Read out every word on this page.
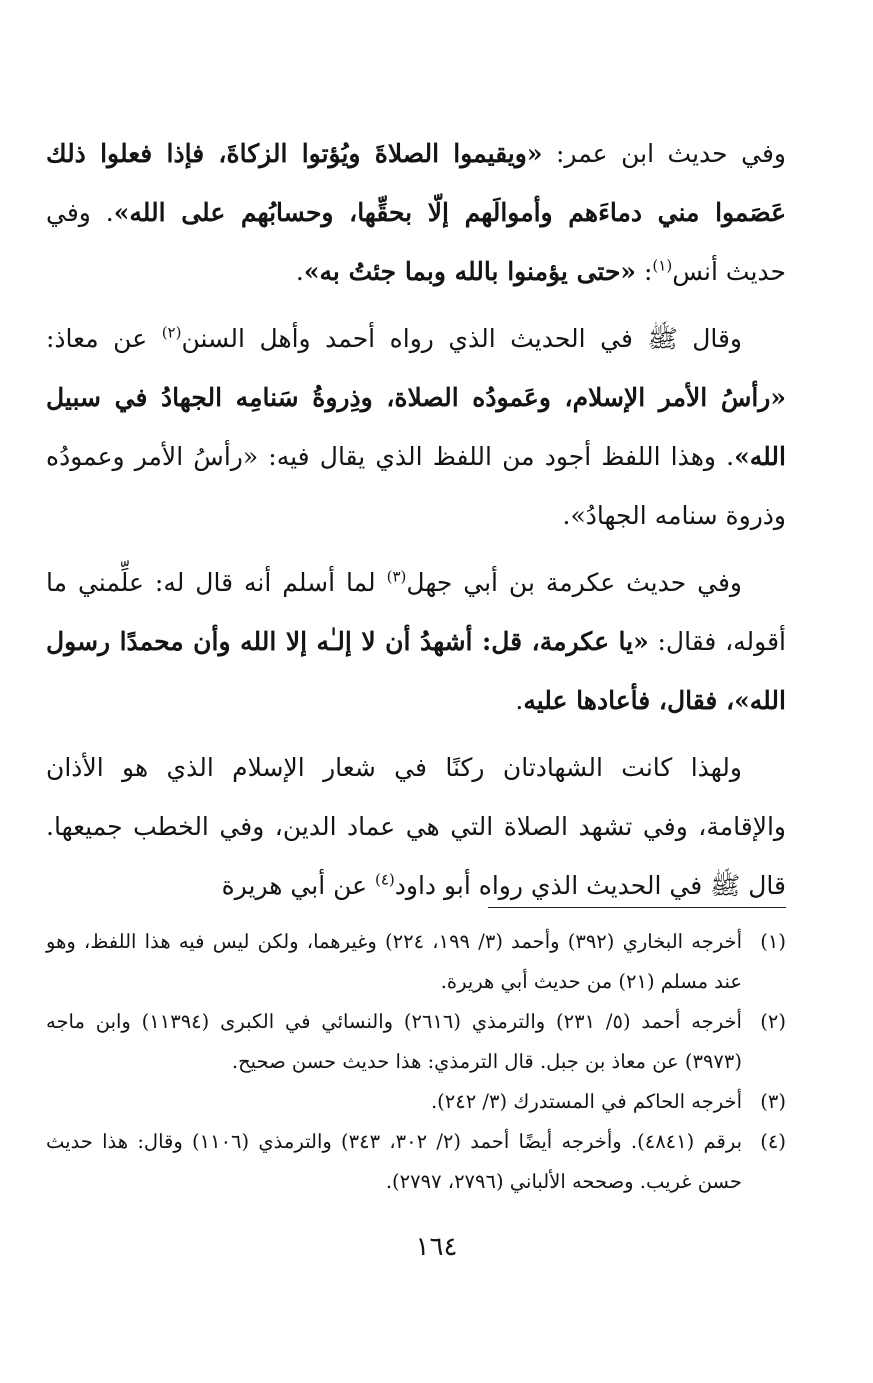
وفي حديث ابن عمر: «ويقيموا الصلاةَ ويُؤتوا الزكاةَ، فإذا فعلوا ذلك عَصَموا مني دماءَهم وأموالَهم إلّا بحقِّها، وحسابُهم على الله». وفي حديث أنس$^{(١)}$: «حتى يؤمنوا بالله وبما جئتُ به».

وقال ﷺ في الحديث الذي رواه أحمد وأهل السنن$^{(٢)}$ عن معاذ: «رأسُ الأمر الإسلام، وعَمودُه الصلاة، وذِروةُ سَنامِه الجهادُ في سبيل الله». وهذا اللفظ أجود من اللفظ الذي يقال فيه: «رأسُ الأمر وعمودُه وذروة سنامه الجهادُ».

وفي حديث عكرمة بن أبي جهل$^{(٣)}$ لما أسلم أنه قال له: علِّمني ما أقوله، فقال: «يا عكرمة، قل: أشهدُ أن لا إلـٰه إلا الله وأن محمدًا رسول الله»، فقال، فأعادها عليه.

ولهذا كانت الشهادتان ركنًا في شعار الإسلام الذي هو الأذان والإقامة، وفي تشهد الصلاة التي هي عماد الدين، وفي الخطب جميعها. قال ﷺ في الحديث الذي رواه أبو داود$^{(٤)}$ عن أبي هريرة

(١)
أخرجه البخاري (٣٩٢) وأحمد (٣/ ١٩٩، ٢٢٤) وغيرهما، ولكن ليس فيه هذا اللفظ، وهو عند مسلم (٢١) من حديث أبي هريرة.
(٢)
أخرجه أحمد (٥/ ٢٣١) والترمذي (٢٦١٦) والنسائي في الكبرى (١١٣٩٤) وابن ماجه (٣٩٧٣) عن معاذ بن جبل. قال الترمذي: هذا حديث حسن صحيح.
(٣)
أخرجه الحاكم في المستدرك (٣/ ٢٤٢).
(٤)
برقم (٤٨٤١). وأخرجه أيضًا أحمد (٢/ ٣٠٢، ٣٤٣) والترمذي (١١٠٦) وقال: هذا حديث حسن غريب. وصححه الألباني (٢٧٩٦، ٢٧٩٧).
١٦٤
